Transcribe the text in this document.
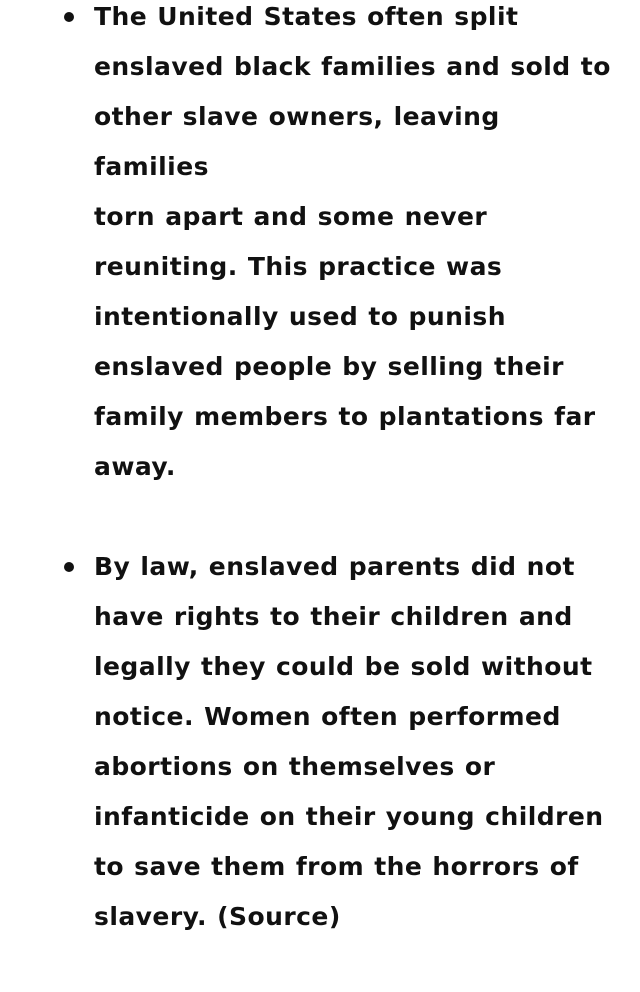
The United States often split
enslaved black families and sold to
other slave owners, leaving families
torn apart and some never
reuniting. This practice was
intentionally used to punish
enslaved people by selling their
family members to plantations far
away.
By law, enslaved parents did not
have rights to their children and
legally they could be sold without
notice. Women often performed
abortions on themselves or
infanticide on their young children
to save them from the horrors of
slavery. (Source)
